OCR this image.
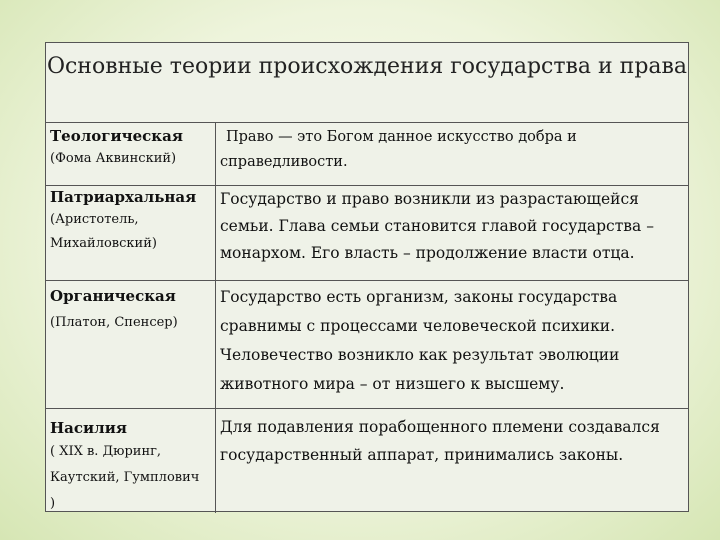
Основные теории происхождения государства и права
Теологическая
(Фома Аквинский)
Право — это Богом данное искусство добра и
справедливости.
Патриархальная
(Аристотель, Михайловский)
Государство и право возникли из разрастающейся
семьи. Глава семьи становится главой государства –
монархом. Его власть – продолжение власти отца.
Органическая
(Платон, Спенсер)
Государство есть организм, законы государства
сравнимы с процессами человеческой психики.
Человечество возникло как результат эволюции
животного мира – от низшего к высшему.
Насилия
( XIX в. Дюринг, Каутский, Гумплович )
Для подавления порабощенного племени создавался
государственный аппарат, принимались законы.
